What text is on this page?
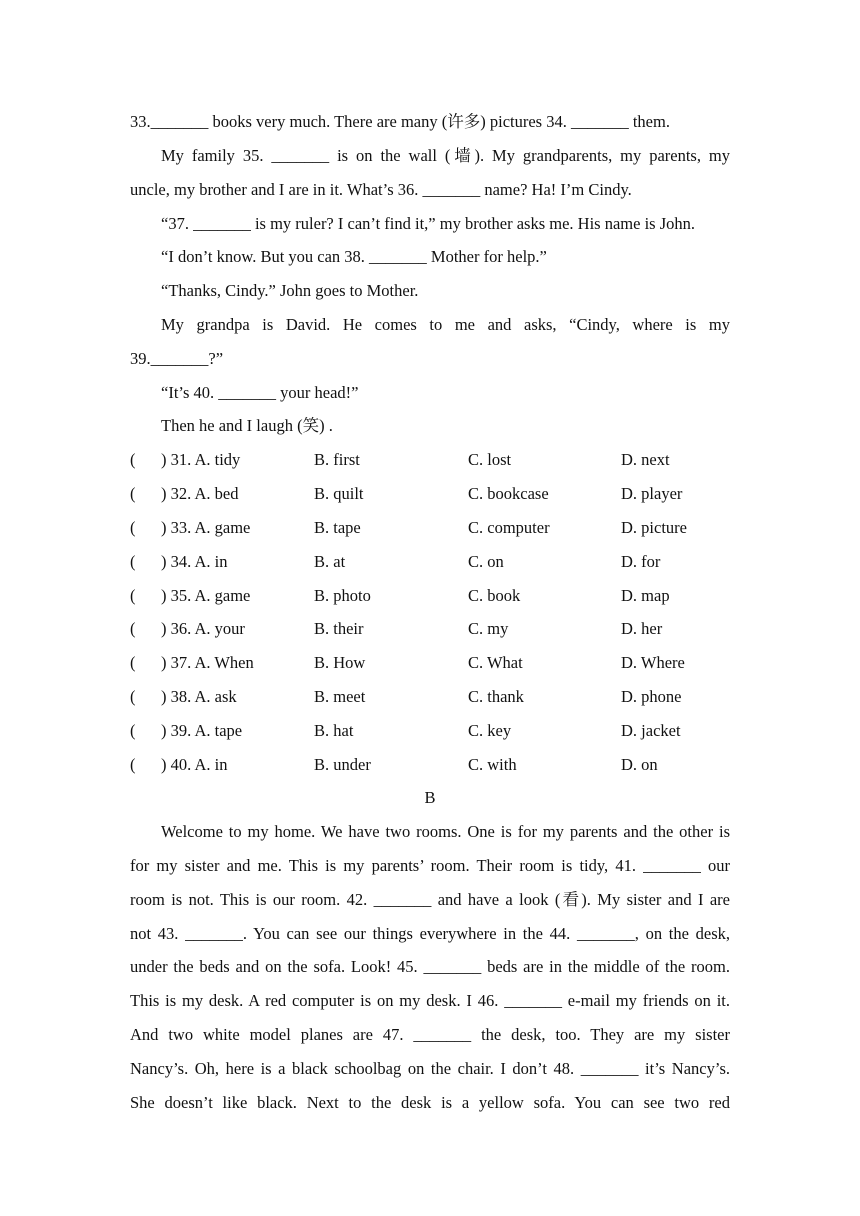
33._______ books very much. There are many (许多) pictures 34. _______ them.
My family 35. _______ is on the wall (墙). My grandparents, my parents, my
uncle, my brother and I are in it. What’s 36. _______ name? Ha! I’m Cindy.
“37. _______ is my ruler? I can’t find it,” my brother asks me. His name is John.
“I don’t know. But you can 38. _______ Mother for help.”
“Thanks, Cindy.” John goes to Mother.
My grandpa is David. He comes to me and asks, “Cindy, where is my
39._______?”
“It’s 40. _______ your head!”
Then he and I laugh (笑) .
( ) 31. A. tidy	B. first	C. lost	D. next
( ) 32. A. bed	B. quilt	C. bookcase	D. player
( ) 33. A. game	B. tape	C. computer	D. picture
( ) 34. A. in	B. at	C. on	D. for
( ) 35. A. game	B. photo	C. book	D. map
( ) 36. A. your	B. their	C. my	D. her
( ) 37. A. When	B. How	C. What	D. Where
( ) 38. A. ask	B. meet	C. thank	D. phone
( ) 39. A. tape	B. hat	C. key	D. jacket
( ) 40. A. in	B. under	C. with	D. on
B
Welcome to my home. We have two rooms. One is for my parents and the other is
for my sister and me. This is my parents’ room. Their room is tidy, 41. _______ our
room is not. This is our room. 42. _______ and have a look (看). My sister and I are
not 43. _______. You can see our things everywhere in the 44. _______, on the desk,
under the beds and on the sofa. Look! 45. _______ beds are in the middle of the room.
This is my desk. A red computer is on my desk. I 46. _______ e-mail my friends on it.
And two white model planes are 47. _______ the desk, too. They are my sister
Nancy’s. Oh, here is a black schoolbag on the chair. I don’t 48. _______ it’s Nancy’s.
She doesn’t like black. Next to the desk is a yellow sofa. You can see two red
